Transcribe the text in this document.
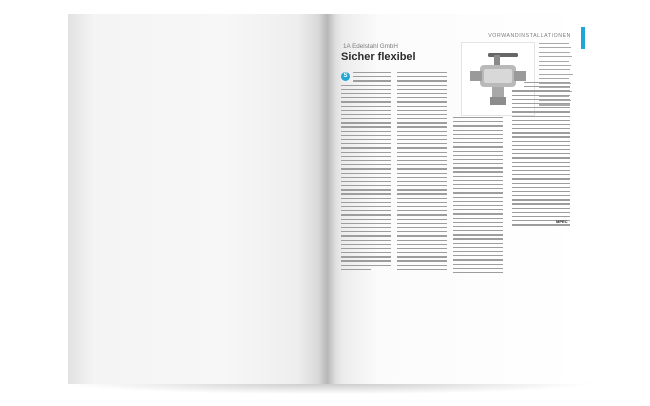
VORWANDINSTALLATIONEN
1A Edelstahl GmbH
Sicher flexibel
S
MPEC
